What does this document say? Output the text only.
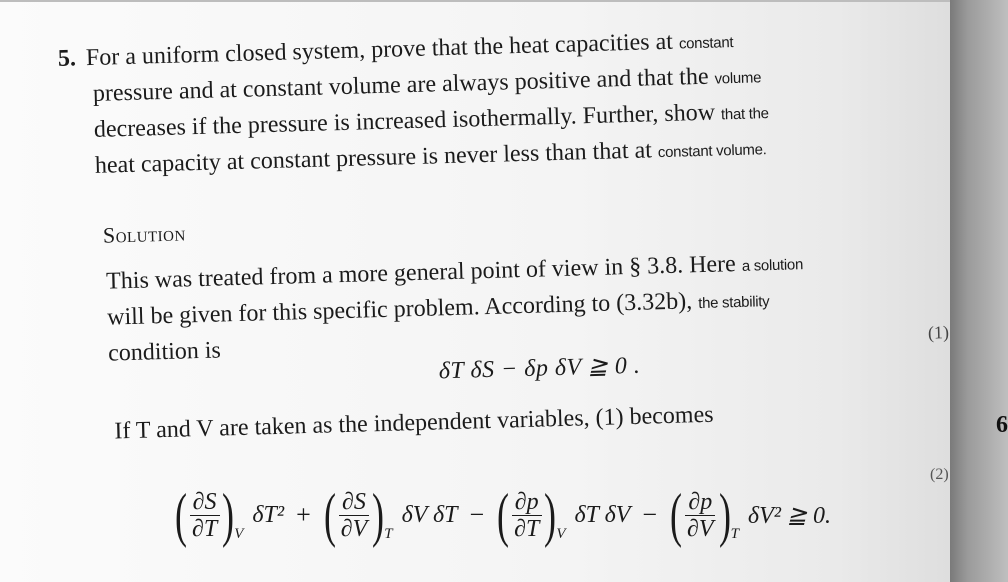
5. For a uniform closed system, prove that the heat capacities at constant
pressure and at constant volume are always positive and that the volume
decreases if the pressure is increased isothermally. Further, show that the
heat capacity at constant pressure is never less than that at constant volume.
Solution
This was treated from a more general point of view in § 3.8. Here a solution
will be given for this specific problem. According to (3.32b), the stability
condition is
δT δS − δp δV ≧ 0 .
(1)
If T and V are taken as the independent variables, (1) becomes
( $\frac{\partial S}{\partial T}$ ) V
δT² + ( $\frac{\partial S}{\partial V}$ ) T
δV δT − ( $\frac{\partial p}{\partial T}$ ) V
δT δV − ( $\frac{\partial p}{\partial V}$ ) T
δV² ≧ 0.
(2)
6
